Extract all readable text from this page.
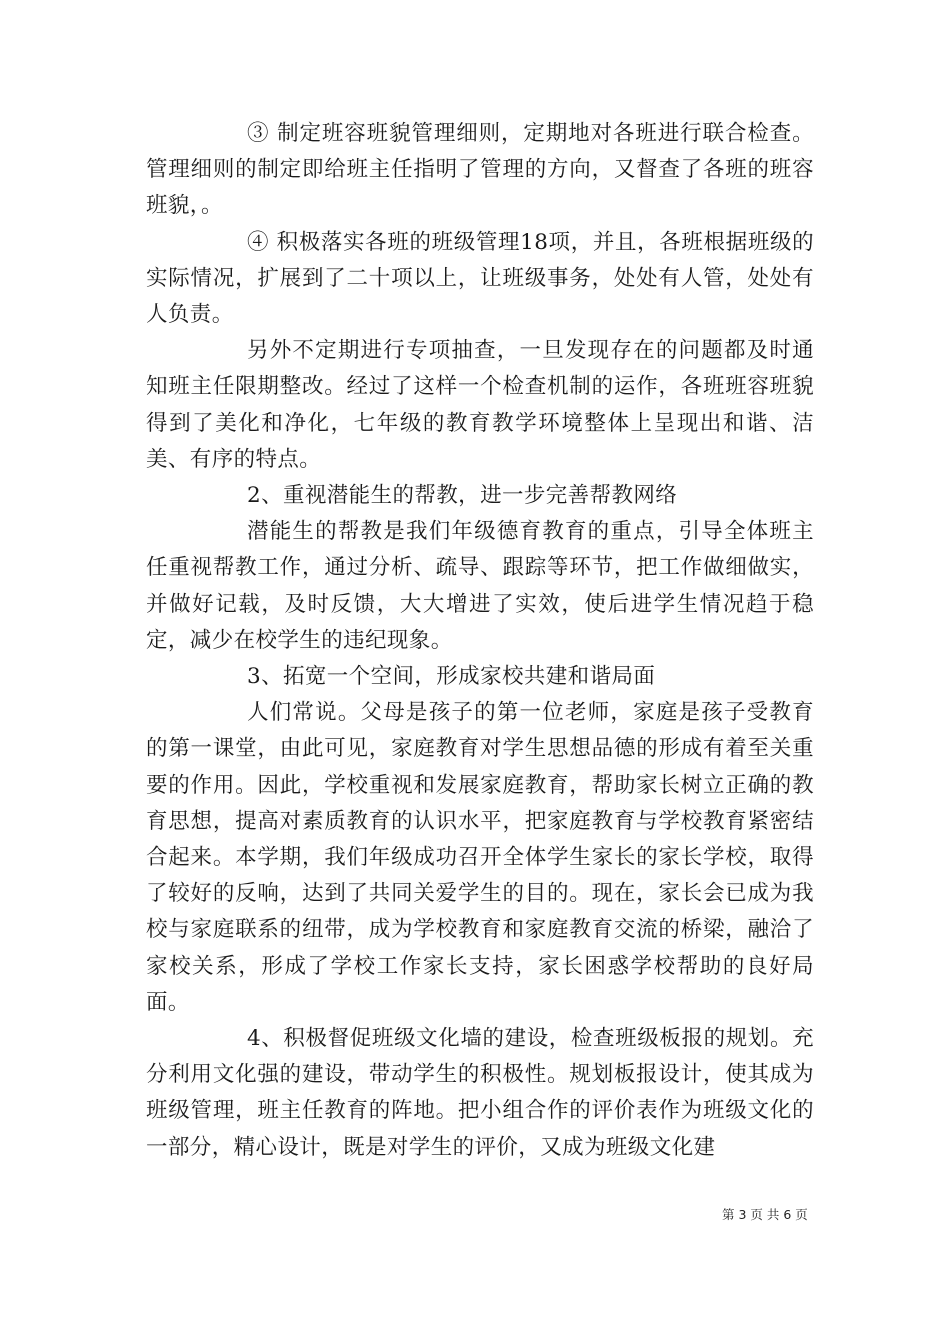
③ 制定班容班貌管理细则，定期地对各班进行联合检查。管理细则的制定即给班主任指明了管理的方向，又督查了各班的班容班貌，。

④ 积极落实各班的班级管理18项，并且，各班根据班级的实际情况，扩展到了二十项以上，让班级事务，处处有人管，处处有人负责。

另外不定期进行专项抽查，一旦发现存在的问题都及时通知班主任限期整改。经过了这样一个检查机制的运作，各班班容班貌得到了美化和净化，七年级的教育教学环境整体上呈现出和谐、洁美、有序的特点。

2、重视潜能生的帮教，进一步完善帮教网络

潜能生的帮教是我们年级德育教育的重点，引导全体班主任重视帮教工作，通过分析、疏导、跟踪等环节，把工作做细做实，并做好记载，及时反馈，大大增进了实效，使后进学生情况趋于稳定，减少在校学生的违纪现象。

3、拓宽一个空间，形成家校共建和谐局面

人们常说。父母是孩子的第一位老师，家庭是孩子受教育的第一课堂，由此可见，家庭教育对学生思想品德的形成有着至关重要的作用。因此，学校重视和发展家庭教育，帮助家长树立正确的教育思想，提高对素质教育的认识水平，把家庭教育与学校教育紧密结合起来。本学期，我们年级成功召开全体学生家长的家长学校，取得了较好的反响，达到了共同关爱学生的目的。现在，家长会已成为我校与家庭联系的纽带，成为学校教育和家庭教育交流的桥梁，融洽了家校关系，形成了学校工作家长支持，家长困惑学校帮助的良好局面。

4、积极督促班级文化墙的建设，检查班级板报的规划。充分利用文化强的建设，带动学生的积极性。规划板报设计，使其成为班级管理，班主任教育的阵地。把小组合作的评价表作为班级文化的一部分，精心设计，既是对学生的评价，又成为班级文化建

第 3 页 共 6 页
